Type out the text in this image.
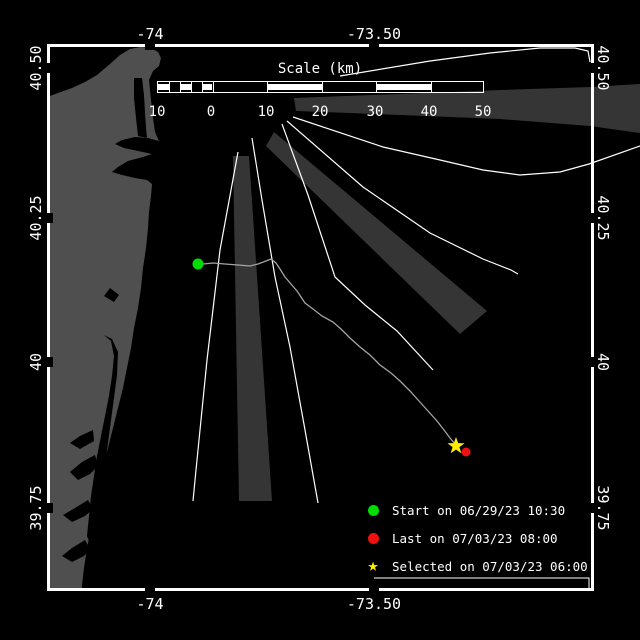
Scale (km)
Start on 06/29/23 10:30
Last on 07/03/23 08:00
★ Selected on 07/03/23 06:00
-74	-73.50
-74	-73.50
40.50
40.25
40
39.75
40.50
40.25
40
39.75
10	0	10	20	30	40	50
